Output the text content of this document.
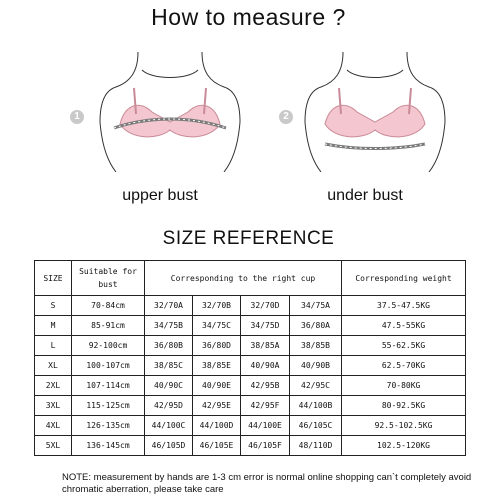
How to measure ?
1	2
upper bust	under bust
SIZE REFERENCE
SIZE	Suitable for bust	Corresponding to the right cup				Corresponding weight
S	70-84cm	32/70A	32/70B	32/70D	34/75A	37.5-47.5KG
M	85-91cm	34/75B	34/75C	34/75D	36/80A	47.5-55KG
L	92-100cm	36/80B	36/80D	38/85A	38/85B	55-62.5KG
XL	100-107cm	38/85C	38/85E	40/90A	40/90B	62.5-70KG
2XL	107-114cm	40/90C	40/90E	42/95B	42/95C	70-80KG
3XL	115-125cm	42/95D	42/95E	42/95F	44/100B	80-92.5KG
4XL	126-135cm	44/100C	44/100D	44/100E	46/105C	92.5-102.5KG
5XL	136-145cm	46/105D	46/105E	46/105F	48/110D	102.5-120KG
NOTE: measurement by hands are 1-3 cm error is normal online shopping can`t completely avoid chromatic aberration, please take care
